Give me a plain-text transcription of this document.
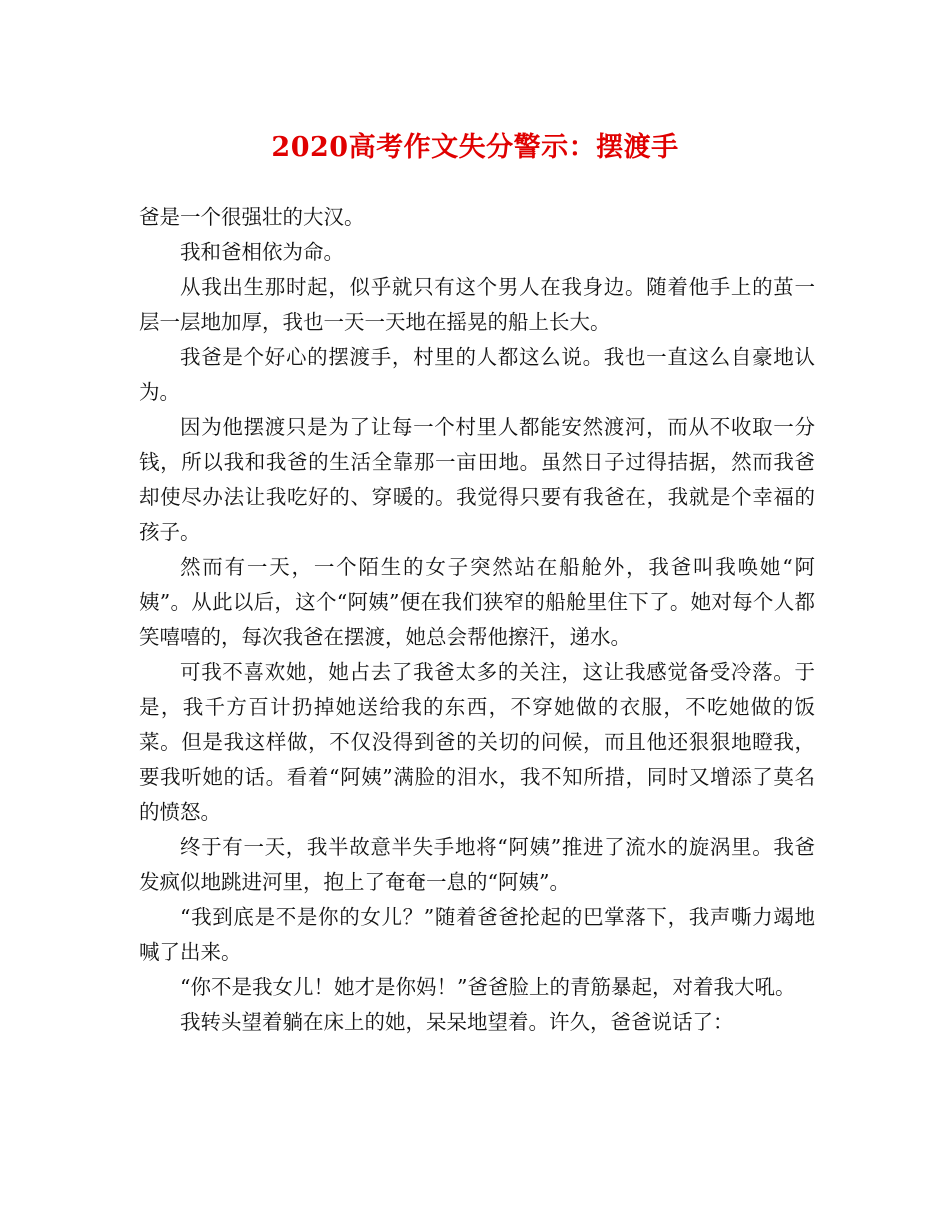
2020高考作文失分警示：摆渡手

爸是一个很强壮的大汉。

我和爸相依为命。

从我出生那时起，似乎就只有这个男人在我身边。随着他手上的茧一层一层地加厚，我也一天一天地在摇晃的船上长大。

我爸是个好心的摆渡手，村里的人都这么说。我也一直这么自豪地认为。

因为他摆渡只是为了让每一个村里人都能安然渡河，而从不收取一分钱，所以我和我爸的生活全靠那一亩田地。虽然日子过得拮据，然而我爸却使尽办法让我吃好的、穿暖的。我觉得只要有我爸在，我就是个幸福的孩子。

然而有一天，一个陌生的女子突然站在船舱外，我爸叫我唤她“阿姨”。从此以后，这个“阿姨”便在我们狭窄的船舱里住下了。她对每个人都笑嘻嘻的，每次我爸在摆渡，她总会帮他擦汗，递水。

可我不喜欢她，她占去了我爸太多的关注，这让我感觉备受冷落。于是，我千方百计扔掉她送给我的东西，不穿她做的衣服，不吃她做的饭菜。但是我这样做，不仅没得到爸的关切的问候，而且他还狠狠地瞪我，要我听她的话。看着“阿姨”满脸的泪水，我不知所措，同时又增添了莫名的愤怒。

终于有一天，我半故意半失手地将“阿姨”推进了流水的旋涡里。我爸发疯似地跳进河里，抱上了奄奄一息的“阿姨”。

“我到底是不是你的女儿？”随着爸爸抡起的巴掌落下，我声嘶力竭地喊了出来。

“你不是我女儿！她才是你妈！”爸爸脸上的青筋暴起，对着我大吼。

我转头望着躺在床上的她，呆呆地望着。许久，爸爸说话了：
